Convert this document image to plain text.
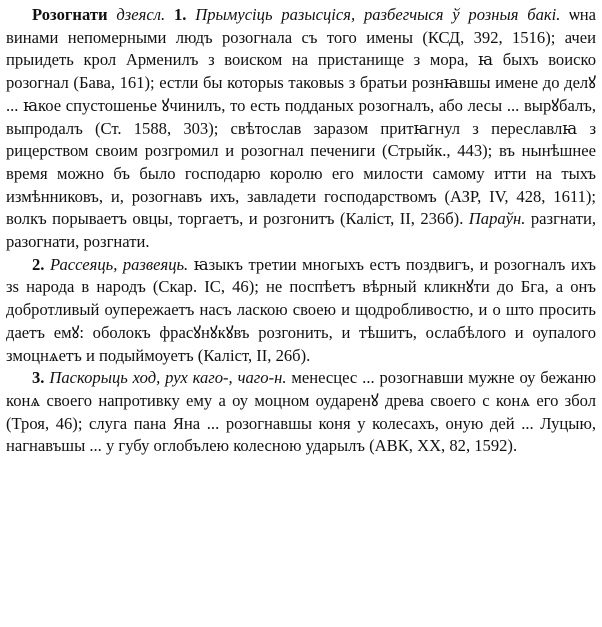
Розогнати дзеясл. 1. Прымусіць разысціся, разбегчыся ў розныя бакі. ѡна винами непомерными людъ розогнала съ того имены (КСД, 392, 1516); ачеи прыидеть крол Арменилъ з воиском на пристанище з мора, ꙗ быхъ воиско розогнал (Бава, 161); естли бы которыѕ таковыѕ з братьи рознꙗвшы имене до делꙋ ... ꙗкое спустошенье ꙋчинилъ, то есть подданых розогналъ, або лесы ... вырꙋбалъ, выпродалъ (Ст. 1588, 303); свѣтослав заразом притꙗгнул з переславлꙗ з рицерством своим розгромил и розогнал печениги (Стрыйк., 443); въ нынѣшнее время можно бъ было господарю королю его милости самому итти на тыхъ измѣнниковъ, и, розогнавъ ихъ, завладети господарствомъ (АЗР, IV, 428, 1611); волкъ порываетъ овцы, торгаетъ, и розгонитъ (Каліст, II, 236б). Параўн. разгнати, разогнати, розгнати.

2. Рассеяць, развеяць. ꙗзыкъ третии многыхъ естъ поздвигъ, и розогналъ ихъ зѕ народа в народъ (Скар. IC, 46); не поспѣетъ вѣрный кликнꙋти до Бга, а онъ добротливый оупережаетъ насъ ласкою своею и щодробливостю, и о што просить даетъ емꙋ: оболокъ фрасꙋнꙋкꙋвъ розгонить, и тѣшитъ, ослабѣлого и оупалого змоцнѧетъ и подыймоуетъ (Каліст, II, 26б).

3. Паскорыць ход, рух каго-, чаго-н. менесцес ... розогнавши мужне оу бежаню конѧ своего напротивку ему а оу моцном оударенꙋ древа своего с конѧ его збол (Троя, 46); слуга пана Яна ... розогнавшы коня у колесахъ, оную дей ... Луцыю, нагнавъшы ... у губу оглобълею колесною ударылъ (АВК, XX, 82, 1592).
